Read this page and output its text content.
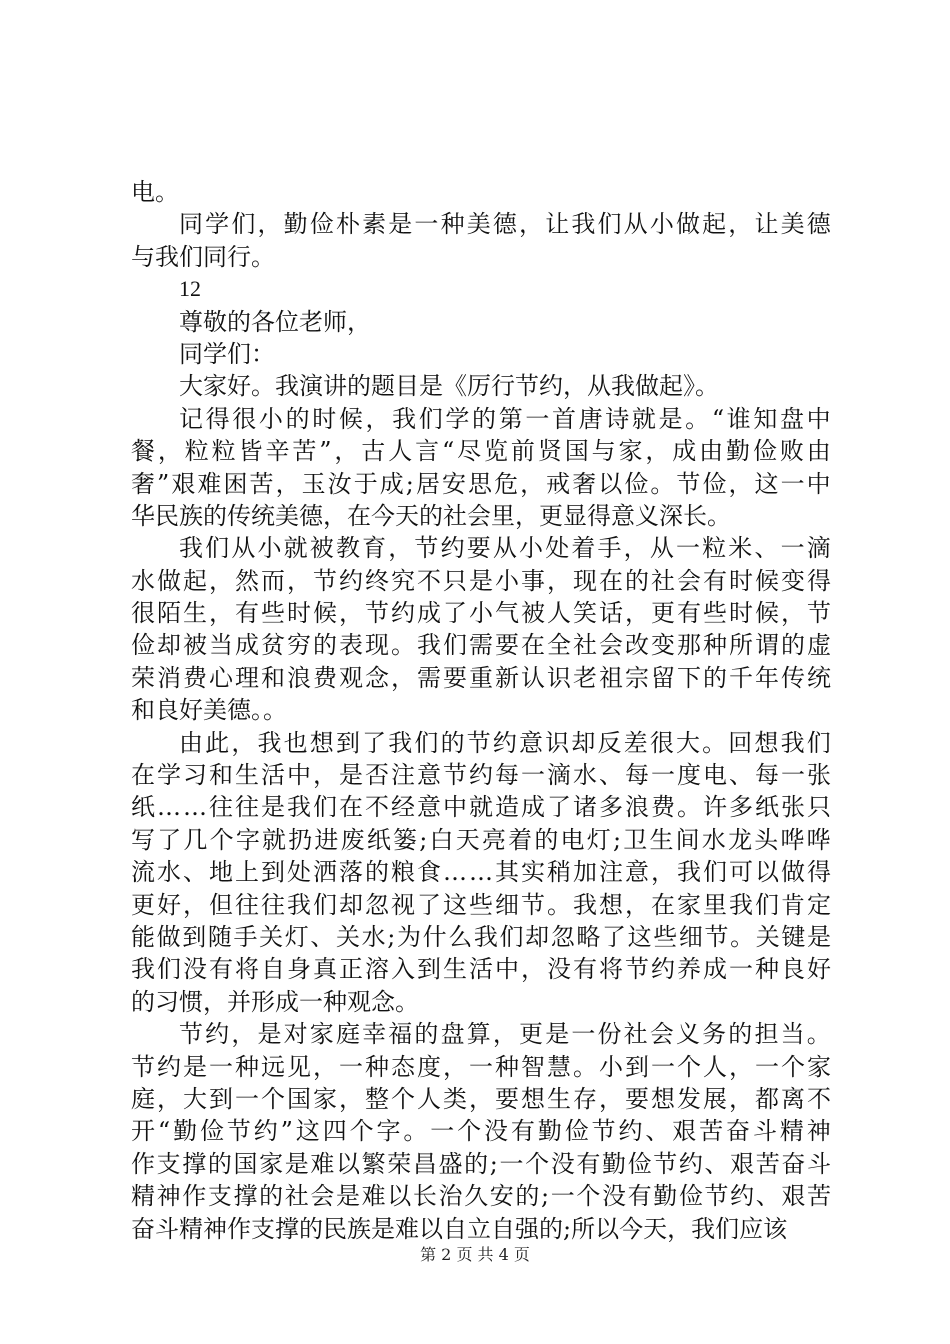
电。
同 学 们 ， 勤 俭 朴 素 是 一 种 美 德 ， 让 我 们 从 小 做 起 ， 让 美 德
与我们同行。
12
尊敬的各位老师，
同学们：
大家好。我演讲的题目是《厉行节约，从我做起》。
记 得 很 小 的 时 候 ， 我 们 学 的 第 一 首 唐 诗 就 是 。 “ 谁 知 盘 中
餐 ， 粒 粒 皆 辛 苦 ” ， 古 人 言 “ 尽 览 前 贤 国 与 家 ， 成 由 勤 俭 败 由
奢 ” 艰 难 困 苦 ， 玉 汝 于 成 ; 居 安 思 危 ， 戒 奢 以 俭 。 节 俭 ， 这 一 中
华民族的传统美德，在今天的社会里，更显得意义深长。
我 们 从 小 就 被 教 育 ， 节 约 要 从 小 处 着 手 ， 从 一 粒 米 、 一 滴
水 做 起 ， 然 而 ， 节 约 终 究 不 只 是 小 事 ， 现 在 的 社 会 有 时 候 变 得
很 陌 生 ， 有 些 时 候 ， 节 约 成 了 小 气 被 人 笑 话 ， 更 有 些 时 候 ， 节
俭 却 被 当 成 贫 穷 的 表 现 。 我 们 需 要 在 全 社 会 改 变 那 种 所 谓 的 虚
荣 消 费 心 理 和 浪 费 观 念 ， 需 要 重 新 认 识 老 祖 宗 留 下 的 千 年 传 统
和良好美德。。
由 此 ， 我 也 想 到 了 我 们 的 节 约 意 识 却 反 差 很 大 。 回 想 我 们
在 学 习 和 生 活 中 ， 是 否 注 意 节 约 每 一 滴 水 、 每 一 度 电 、 每 一 张
纸 … … 往 往 是 我 们 在 不 经 意 中 就 造 成 了 诸 多 浪 费 。 许 多 纸 张 只
写 了 几 个 字 就 扔 进 废 纸 篓 ; 白 天 亮 着 的 电 灯 ; 卫 生 间 水 龙 头 哗 哗
流 水 、 地 上 到 处 洒 落 的 粮 食 … … 其 实 稍 加 注 意 ， 我 们 可 以 做 得
更 好 ， 但 往 往 我 们 却 忽 视 了 这 些 细 节 。 我 想 ， 在 家 里 我 们 肯 定
能 做 到 随 手 关 灯 、 关 水 ; 为 什 么 我 们 却 忽 略 了 这 些 细 节 。 关 键 是
我 们 没 有 将 自 身 真 正 溶 入 到 生 活 中 ， 没 有 将 节 约 养 成 一 种 良 好
的习惯，并形成一种观念。
节 约 ， 是 对 家 庭 幸 福 的 盘 算 ， 更 是 一 份 社 会 义 务 的 担 当 。
节 约 是 一 种 远 见 ， 一 种 态 度 ， 一 种 智 慧 。 小 到 一 个 人 ， 一 个 家
庭 ， 大 到 一 个 国 家 ， 整 个 人 类 ， 要 想 生 存 ， 要 想 发 展 ， 都 离 不
开 “ 勤 俭 节 约 ” 这 四 个 字 。 一 个 没 有 勤 俭 节 约 、 艰 苦 奋 斗 精 神
作 支 撑 的 国 家 是 难 以 繁 荣 昌 盛 的 ; 一 个 没 有 勤 俭 节 约 、 艰 苦 奋 斗
精 神 作 支 撑 的 社 会 是 难 以 长 治 久 安 的 ; 一 个 没 有 勤 俭 节 约 、 艰 苦
奋斗精神作支撑的民族是难以自立自强的;所以今天，我们应该
第 2 页 共 4 页
